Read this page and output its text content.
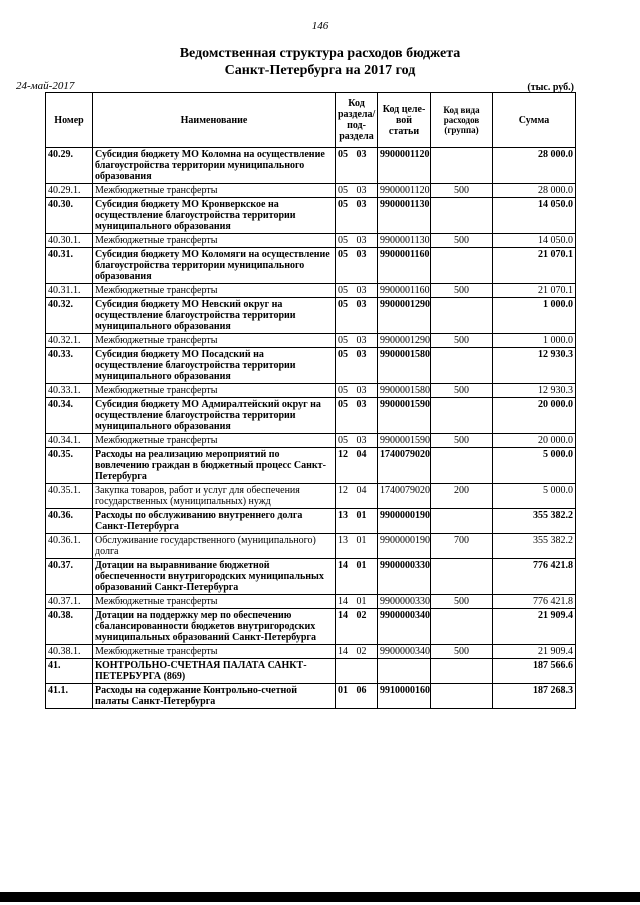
146
Ведомственная структура расходов бюджета
Санкт-Петербурга на 2017 год
24-май-2017	(тыс. руб.)
Номер	Наименование	Код раздела/ под-раздела	Код целе-вой статьи	Код вида расходов (группа)	Сумма
40.29.	Субсидия бюджету МО Коломна на осуществление благоустройства территории муниципального образования	05 03	9900001120		28 000.0
40.29.1.	Межбюджетные трансферты	05 03	9900001120	500	28 000.0
40.30.	Субсидия бюджету МО Кронверкское на осуществление благоустройства территории муниципального образования	05 03	9900001130		14 050.0
40.30.1.	Межбюджетные трансферты	05 03	9900001130	500	14 050.0
40.31.	Субсидия бюджету МО Коломяги на осуществление благоустройства территории муниципального образования	05 03	9900001160		21 070.1
40.31.1.	Межбюджетные трансферты	05 03	9900001160	500	21 070.1
40.32.	Субсидия бюджету МО Невский округ на осуществление благоустройства территории муниципального образования	05 03	9900001290		1 000.0
40.32.1.	Межбюджетные трансферты	05 03	9900001290	500	1 000.0
40.33.	Субсидия бюджету МО Посадский на осуществление благоустройства территории муниципального образования	05 03	9900001580		12 930.3
40.33.1.	Межбюджетные трансферты	05 03	9900001580	500	12 930.3
40.34.	Субсидия бюджету МО Адмиралтейский округ на осуществление благоустройства территории муниципального образования	05 03	9900001590		20 000.0
40.34.1.	Межбюджетные трансферты	05 03	9900001590	500	20 000.0
40.35.	Расходы на реализацию мероприятий по вовлечению граждан в бюджетный процесс Санкт-Петербурга	12 04	1740079020		5 000.0
40.35.1.	Закупка товаров, работ и услуг для обеспечения государственных (муниципальных) нужд	12 04	1740079020	200	5 000.0
40.36.	Расходы по обслуживанию внутреннего долга Санкт-Петербурга	13 01	9900000190		355 382.2
40.36.1.	Обслуживание государственного (муниципального) долга	13 01	9900000190	700	355 382.2
40.37.	Дотации на выравнивание бюджетной обеспеченности внутригородских муниципальных образований Санкт-Петербурга	14 01	9900000330		776 421.8
40.37.1.	Межбюджетные трансферты	14 01	9900000330	500	776 421.8
40.38.	Дотации на поддержку мер по обеспечению сбалансированности бюджетов внутригородских муниципальных образований Санкт-Петербурга	14 02	9900000340		21 909.4
40.38.1.	Межбюджетные трансферты	14 02	9900000340	500	21 909.4
41.	КОНТРОЛЬНО-СЧЕТНАЯ ПАЛАТА САНКТ-ПЕТЕРБУРГА (869)				187 566.6
41.1.	Расходы на содержание Контрольно-счетной палаты Санкт-Петербурга	01 06	9910000160		187 268.3
